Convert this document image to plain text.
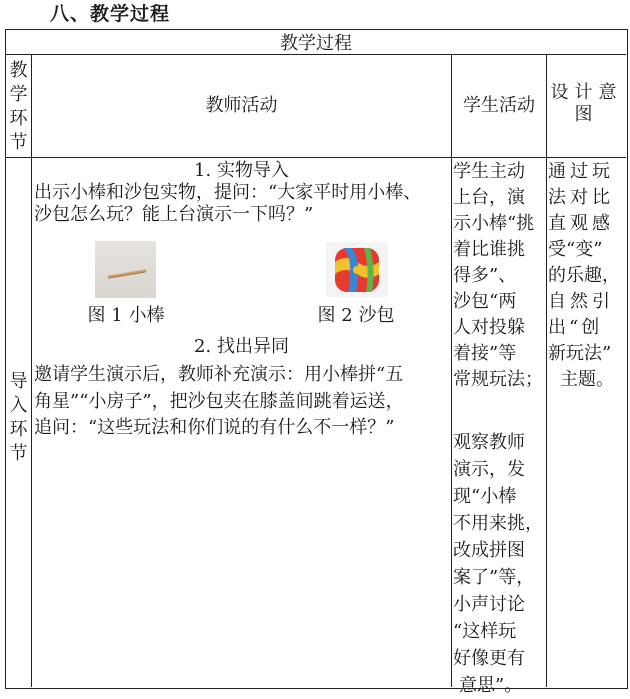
八、教学过程
教学过程
教
学
环
节
教师活动	学生活动
设计意图
导
入
环
节
1. 实物导入
出示小棒和沙包实物，提问：“大家平时用小棒、
沙包怎么玩？能上台演示一下吗？”
图 1 小棒	图 2 沙包
2. 找出异同
邀请学生演示后，教师补充演示：用小棒拼“五
角星”“小房子”，把沙包夹在膝盖间跳着运送，
追问：“这些玩法和你们说的有什么不一样？”
学生主动
上台，演
示小棒“挑
着比谁挑
得多”、
沙包“两
人对投躲
着接”等
常规玩法；
观察教师
演示，发
现“小棒
不用来挑，
改成拼图
案了”等，
小声讨论
“这样玩
好像更有
意思”。
通过玩
法对比
直观感
受“变”
的乐趣，
自然引
出“创
新玩法”
主题。
